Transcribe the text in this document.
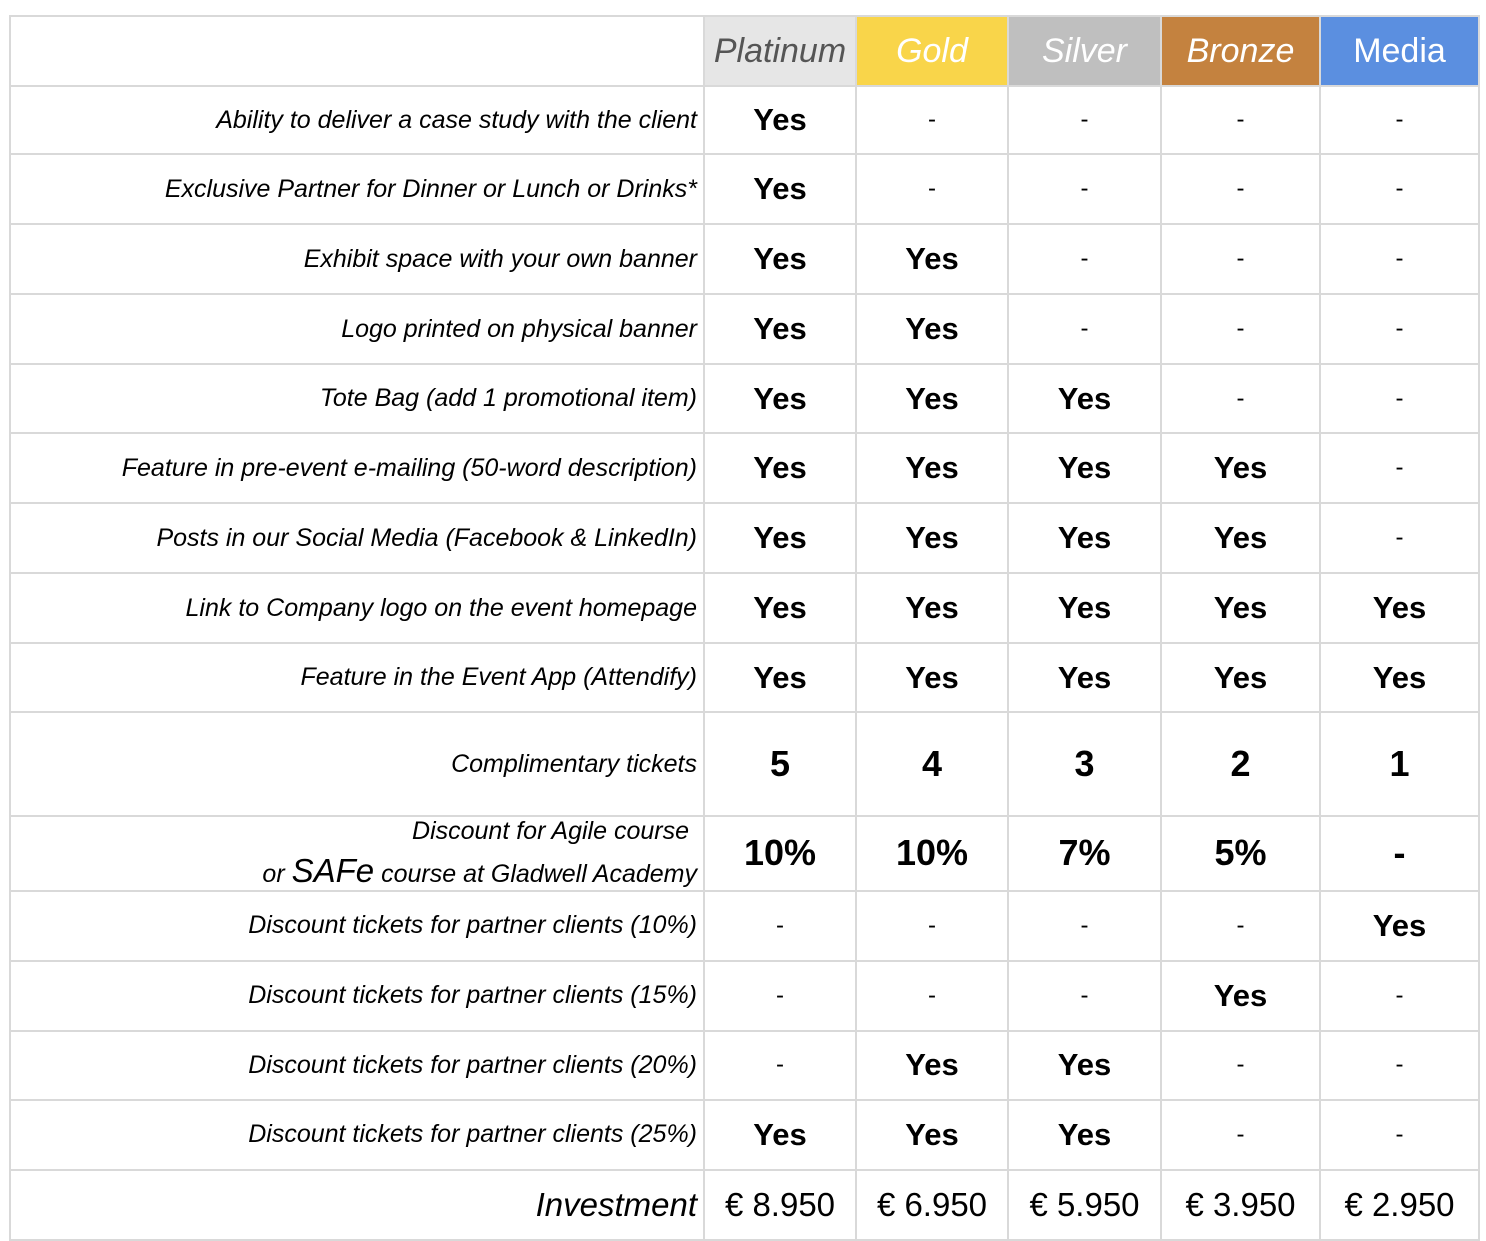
	Platinum	Gold	Silver	Bronze	Media
Ability to deliver a case study with the client	Yes	-	-	-	-
Exclusive Partner for Dinner or Lunch or Drinks*	Yes	-	-	-	-
Exhibit space with your own banner	Yes	Yes	-	-	-
Logo printed on physical banner	Yes	Yes	-	-	-
Tote Bag (add 1 promotional item)	Yes	Yes	Yes	-	-
Feature in pre-event e-mailing (50-word description)	Yes	Yes	Yes	Yes	-
Posts in our Social Media (Facebook & LinkedIn)	Yes	Yes	Yes	Yes	-
Link to Company logo on the event homepage	Yes	Yes	Yes	Yes	Yes
Feature in the Event App (Attendify)	Yes	Yes	Yes	Yes	Yes
Complimentary tickets	5	4	3	2	1

Discount for Agile course
or SAFe course at Gladwell Academy	10%	10%	7%	5%	-
Discount tickets for partner clients (10%)	-	-	-	-	Yes
Discount tickets for partner clients (15%)	-	-	-	Yes	-
Discount tickets for partner clients (20%)	-	Yes	Yes	-	-
Discount tickets for partner clients (25%)	Yes	Yes	Yes	-	-
Investment	€ 8.950	€ 6.950	€ 5.950	€ 3.950	€ 2.950
